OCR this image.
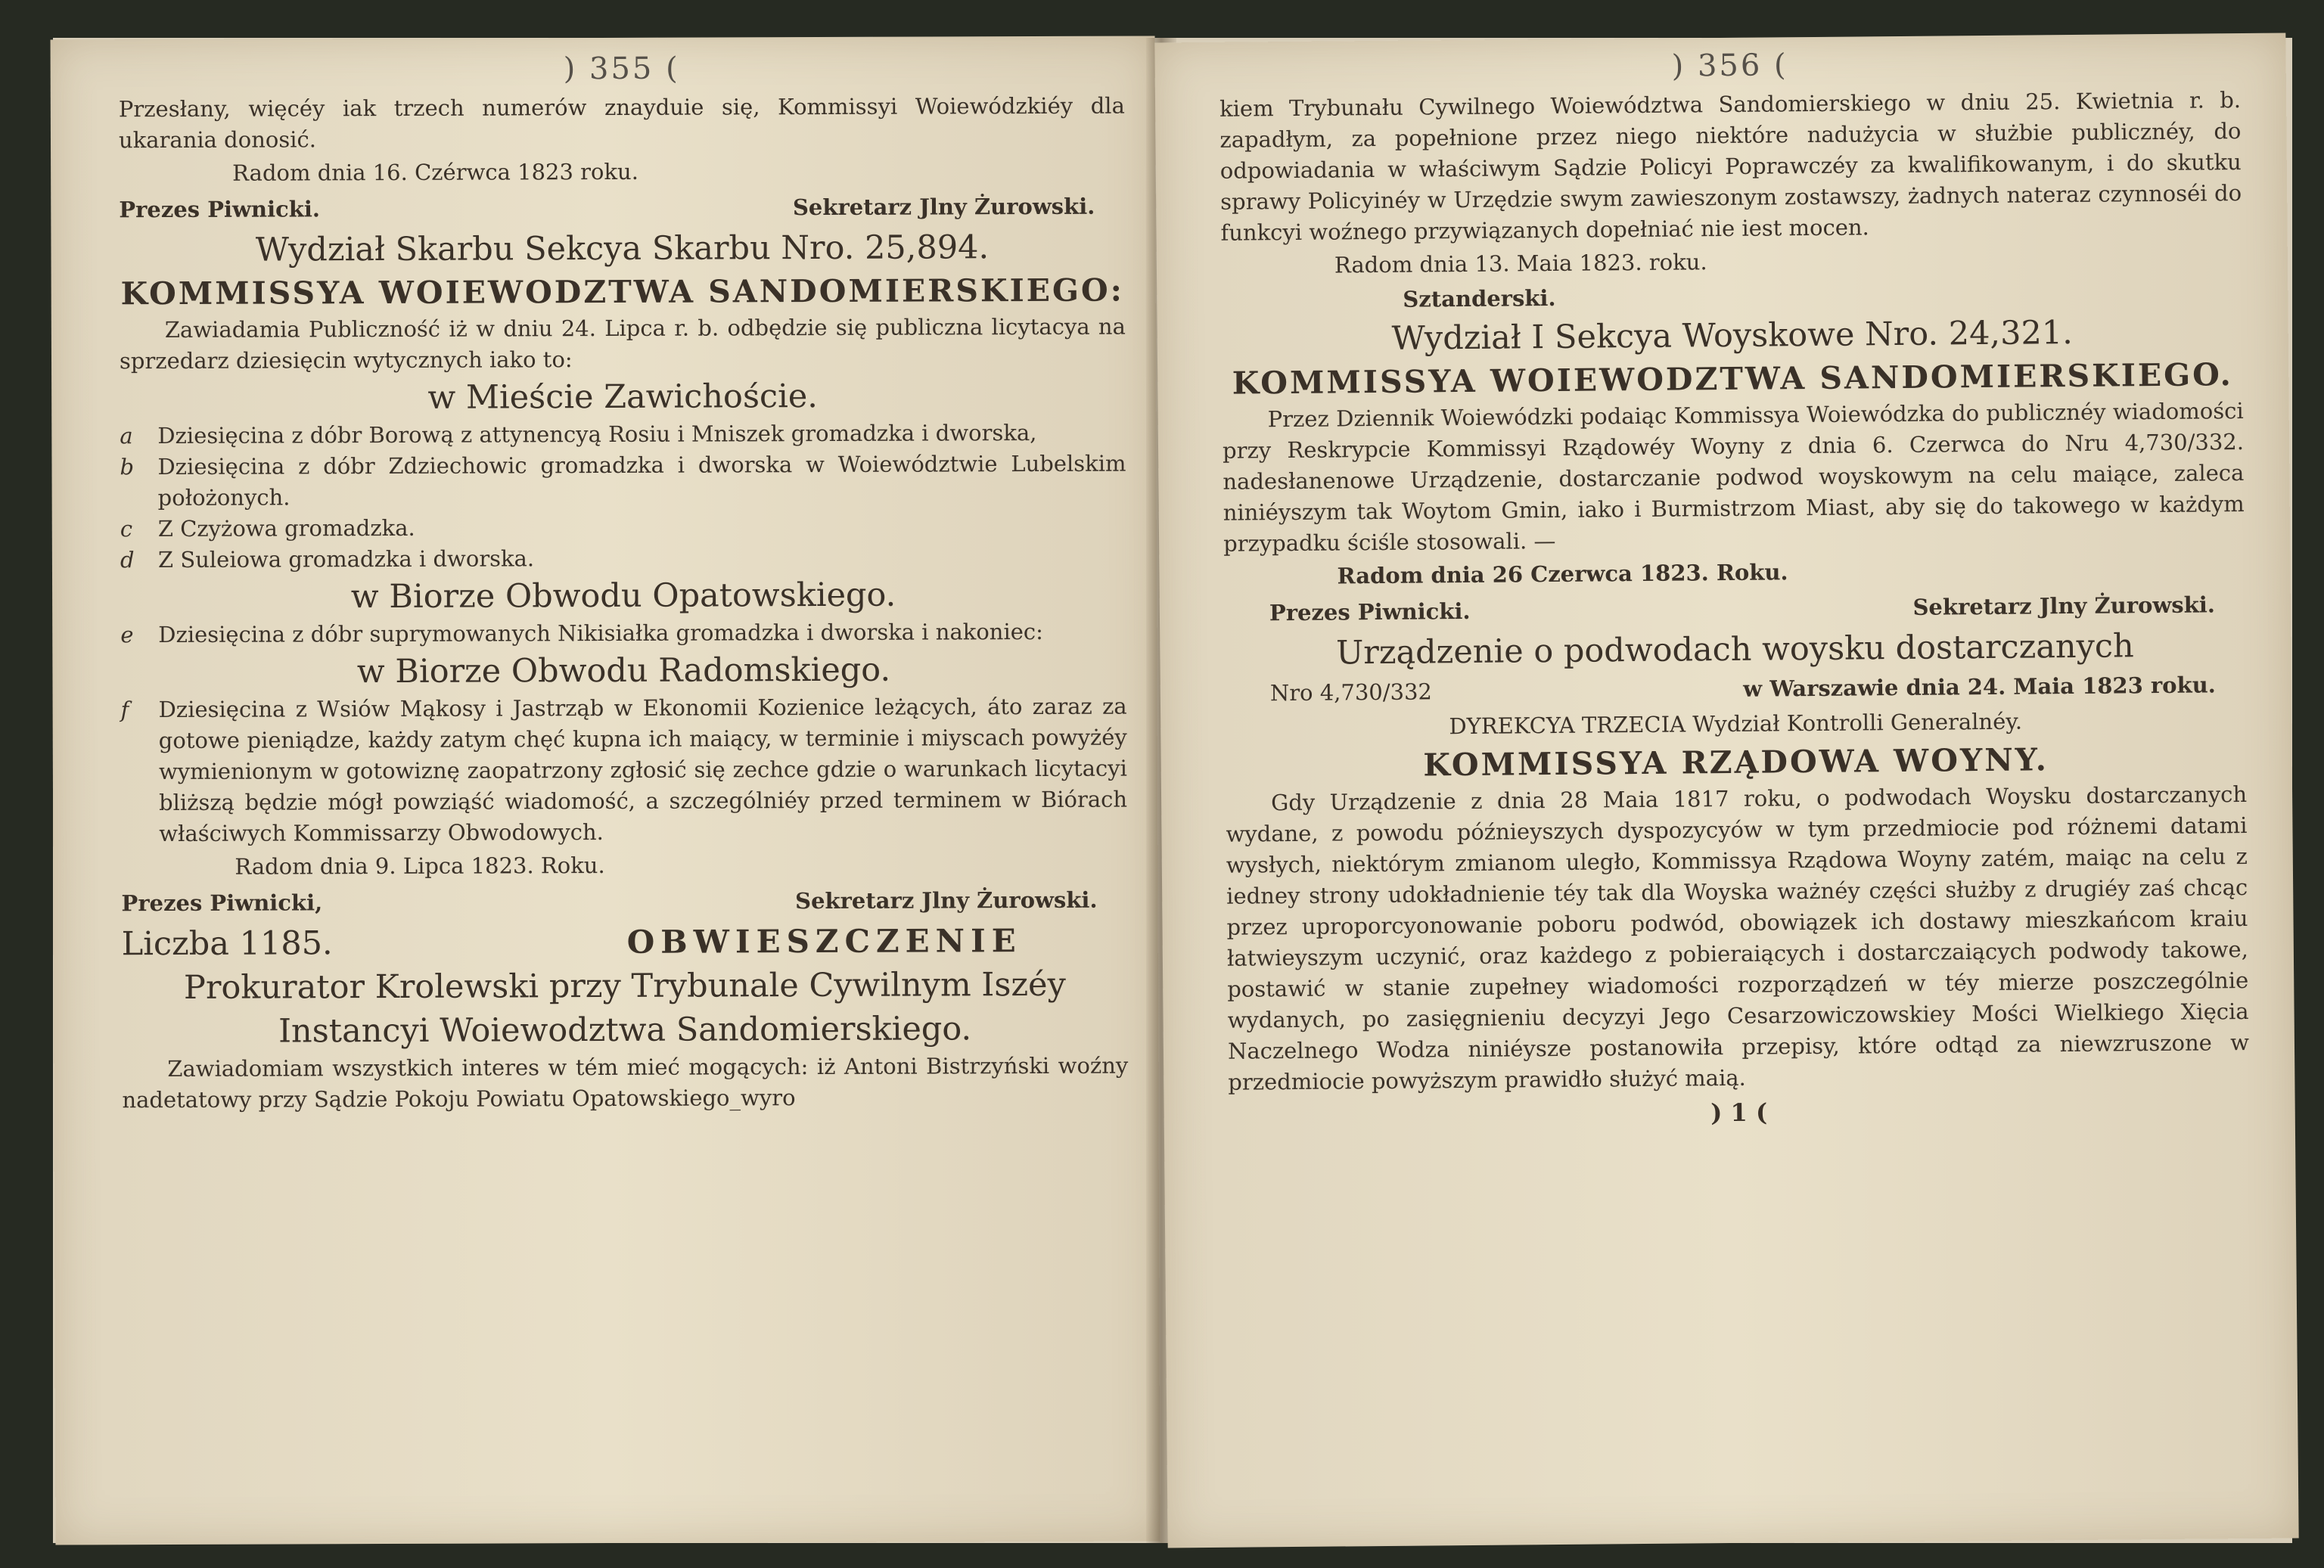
) 355 (

Przesłany, więcéy iak trzech numerów znayduie się, Kommissyi Woiewódzkiéy dla ukarania donosić.

Radom dnia 16. Czérwca 1823 roku.
Prezes Piwnicki.	Sekretarz Jlny Żurowski.

Wydział Skarbu Sekcya Skarbu Nro. 25,894.

KOMMISSYA WOIEWODZTWA SANDOMIERSKIEGO:

Zawiadamia Publiczność iż w dniu 24. Lipca r. b. odbędzie się publiczna licytacya na sprzedarz dziesięcin wytycznych iako to:

w Mieście Zawichoście.

a	Dziesięcina z dóbr Borową z attynencyą Rosiu i Mniszek gromadzka i dworska,
b	Dziesięcina z dóbr Zdziechowic gromadzka i dworska w Woiewództwie Lubelskim położonych.
c	Z Czyżowa gromadzka.
d	Z Suleiowa gromadzka i dworska.

w Biorze Obwodu Opatowskiego.

e	Dziesięcina z dóbr suprymowanych Nikisiałka gromadzka i dworska i nakoniec:

w Biorze Obwodu Radomskiego.

f	Dziesięcina z Wsiów Mąkosy i Jastrząb w Ekonomii Kozienice leżących, áto zaraz za gotowe pieniądze, każdy zatym chęć kupna ich maiący, w terminie i miyscach powyżéy wymienionym w gotowiznę zaopatrzony zgłosić się zechce gdzie o warunkach licytacyi bliższą będzie mógł powziąść wiadomość, a szczególniéy przed terminem w Biórach właściwych Kommissarzy Obwodowych.
Radom dnia 9. Lipca 1823. Roku.
Prezes Piwnicki,	Sekretarz Jlny Żurowski.
Liczba 1185.	OBWIESZCZENIE

Prokurator Krolewski przy Trybunale Cywilnym Iszéy

Instancyi Woiewodztwa Sandomierskiego.

Zawiadomiam wszystkich interes w tém mieć mogących: iż Antoni Bistrzyński woźny nadetatowy przy Sądzie Pokoju Powiatu Opatowskiego_wyro

) 356 (

kiem Trybunału Cywilnego Woiewództwa Sandomierskiego w dniu 25. Kwietnia r. b. zapadłym, za popełnione przez niego niektóre nadużycia w służbie publicznéy, do odpowiadania w właściwym Sądzie Policyi Poprawczéy za kwalifikowanym, i do skutku sprawy Policyinéy w Urzędzie swym zawieszonym zostawszy, żadnych nateraz czynnoséi do funkcyi woźnego przywiązanych dopełniać nie iest mocen.

Radom dnia 13. Maia 1823. roku.
Sztanderski.

Wydział I Sekcya Woyskowe Nro. 24,321.

KOMMISSYA WOIEWODZTWA SANDOMIERSKIEGO.

Przez Dziennik Woiewódzki podaiąc Kommissya Woiewódzka do publicznéy wiadomości przy Reskrypcie Kommissyi Rządowéy Woyny z dnia 6. Czerwca do Nru 4,730/332. nadesłanenowe Urządzenie, dostarczanie podwod woyskowym na celu maiące, zaleca niniéyszym tak Woytom Gmin, iako i Burmistrzom Miast, aby się do takowego w każdym przypadku ściśle stosowali. —

Radom dnia 26 Czerwca 1823. Roku.
Prezes Piwnicki.	Sekretarz Jlny Żurowski.

Urządzenie o podwodach woysku dostarczanych

Nro 4,730/332	w Warszawie dnia 24. Maia 1823 roku.

DYREKCYA TRZECIA Wydział Kontrolli Generalnéy.

KOMMISSYA RZĄDOWA WOYNY.

Gdy Urządzenie z dnia 28 Maia 1817 roku, o podwodach Woysku dostarczanych wydane, z powodu późnieyszych dyspozycyów w tym przedmiocie pod różnemi datami wysłych, niektórym zmianom uległo, Kommissya Rządowa Woyny zatém, maiąc na celu z iedney strony udokładnienie téy tak dla Woyska ważnéy części służby z drugiéy zaś chcąc przez uproporcyonowanie poboru podwód, obowiązek ich dostawy mieszkańcom kraiu łatwieyszym uczynić, oraz każdego z pobieraiących i dostarczaiących podwody takowe, postawić w stanie zupełney wiadomości rozporządzeń w téy mierze poszczególnie wydanych, po zasięgnieniu decyzyi Jego Cesarzowiczowskiey Mości Wielkiego Xięcia Naczelnego Wodza niniéysze postanowiła przepisy, które odtąd za niewzruszone w przedmiocie powyższym prawidło służyć maią.

) 1 (
